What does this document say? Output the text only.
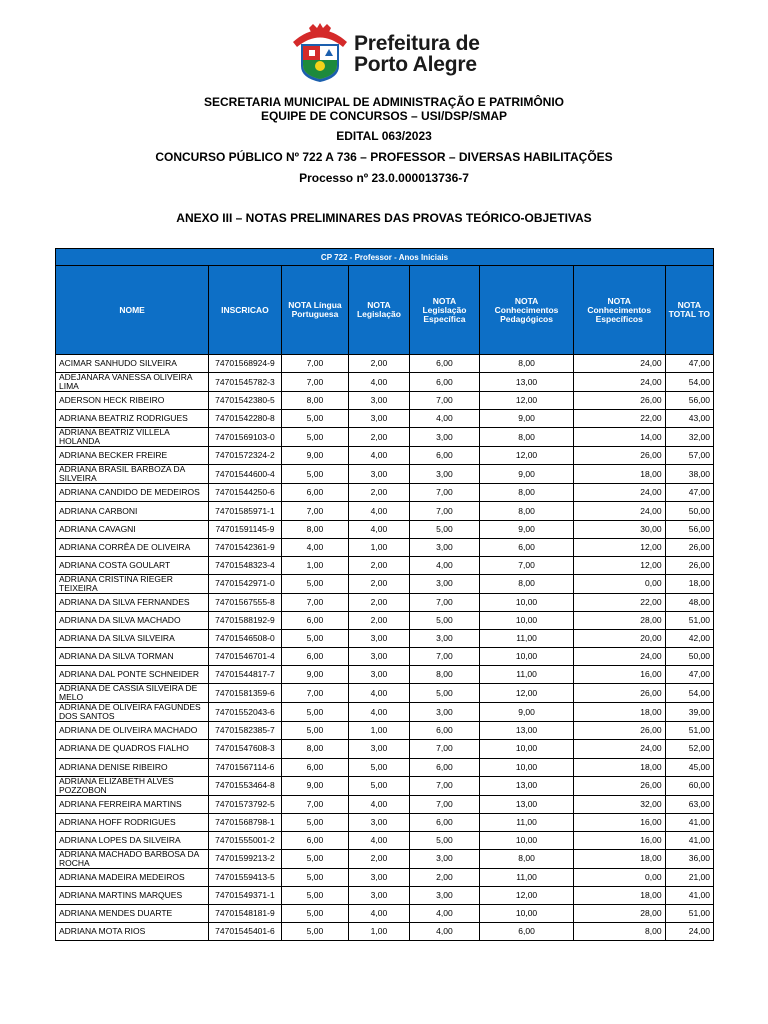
Prefeitura de
Porto Alegre
SECRETARIA MUNICIPAL DE ADMINISTRAÇÃO E PATRIMÔNIO
EQUIPE DE CONCURSOS – USI/DSP/SMAP
EDITAL 063/2023
CONCURSO PÚBLICO Nº 722 A 736 – PROFESSOR – DIVERSAS HABILITAÇÕES
Processo nº 23.0.000013736-7
ANEXO III – NOTAS PRELIMINARES DAS PROVAS TEÓRICO-OBJETIVAS
CP 722 - Professor - Anos Iniciais							
NOME	INSCRICAO	NOTA Língua Portuguesa	NOTA Legislação	NOTA Legislação Específica	NOTA Conhecimentos Pedagógicos	NOTA Conhecimentos Específicos	NOTA TOTAL TO
ACIMAR SANHUDO SILVEIRA	74701568924-9	7,00	2,00	6,00	8,00	24,00	47,00
ADEJANARA VANESSA OLIVEIRA LIMA	74701545782-3	7,00	4,00	6,00	13,00	24,00	54,00
ADERSON HECK RIBEIRO	74701542380-5	8,00	3,00	7,00	12,00	26,00	56,00
ADRIANA BEATRIZ RODRIGUES	74701542280-8	5,00	3,00	4,00	9,00	22,00	43,00
ADRIANA BEATRIZ VILLELA HOLANDA	74701569103-0	5,00	2,00	3,00	8,00	14,00	32,00
ADRIANA BECKER FREIRE	74701572324-2	9,00	4,00	6,00	12,00	26,00	57,00
ADRIANA BRASIL BARBOZA DA SILVEIRA	74701544600-4	5,00	3,00	3,00	9,00	18,00	38,00
ADRIANA CANDIDO DE MEDEIROS	74701544250-6	6,00	2,00	7,00	8,00	24,00	47,00
ADRIANA CARBONI	74701585971-1	7,00	4,00	7,00	8,00	24,00	50,00
ADRIANA CAVAGNI	74701591145-9	8,00	4,00	5,00	9,00	30,00	56,00
ADRIANA CORRÊA DE OLIVEIRA	74701542361-9	4,00	1,00	3,00	6,00	12,00	26,00
ADRIANA COSTA GOULART	74701548323-4	1,00	2,00	4,00	7,00	12,00	26,00
ADRIANA CRISTINA RIEGER TEIXEIRA	74701542971-0	5,00	2,00	3,00	8,00	0,00	18,00
ADRIANA DA SILVA FERNANDES	74701567555-8	7,00	2,00	7,00	10,00	22,00	48,00
ADRIANA DA SILVA MACHADO	74701588192-9	6,00	2,00	5,00	10,00	28,00	51,00
ADRIANA DA SILVA SILVEIRA	74701546508-0	5,00	3,00	3,00	11,00	20,00	42,00
ADRIANA DA SILVA TORMAN	74701546701-4	6,00	3,00	7,00	10,00	24,00	50,00
ADRIANA DAL PONTE SCHNEIDER	74701544817-7	9,00	3,00	8,00	11,00	16,00	47,00
ADRIANA DE CASSIA SILVEIRA DE MELO	74701581359-6	7,00	4,00	5,00	12,00	26,00	54,00
ADRIANA DE OLIVEIRA FAGUNDES DOS SANTOS	74701552043-6	5,00	4,00	3,00	9,00	18,00	39,00
ADRIANA DE OLIVEIRA MACHADO	74701582385-7	5,00	1,00	6,00	13,00	26,00	51,00
ADRIANA DE QUADROS FIALHO	74701547608-3	8,00	3,00	7,00	10,00	24,00	52,00
ADRIANA DENISE RIBEIRO	74701567114-6	6,00	5,00	6,00	10,00	18,00	45,00
ADRIANA ELIZABETH ALVES POZZOBON	74701553464-8	9,00	5,00	7,00	13,00	26,00	60,00
ADRIANA FERREIRA MARTINS	74701573792-5	7,00	4,00	7,00	13,00	32,00	63,00
ADRIANA HOFF RODRIGUES	74701568798-1	5,00	3,00	6,00	11,00	16,00	41,00
ADRIANA LOPES DA SILVEIRA	74701555001-2	6,00	4,00	5,00	10,00	16,00	41,00
ADRIANA MACHADO BARBOSA DA ROCHA	74701599213-2	5,00	2,00	3,00	8,00	18,00	36,00
ADRIANA MADEIRA MEDEIROS	74701559413-5	5,00	3,00	2,00	11,00	0,00	21,00
ADRIANA MARTINS MARQUES	74701549371-1	5,00	3,00	3,00	12,00	18,00	41,00
ADRIANA MENDES DUARTE	74701548181-9	5,00	4,00	4,00	10,00	28,00	51,00
ADRIANA MOTA RIOS	74701545401-6	5,00	1,00	4,00	6,00	8,00	24,00
